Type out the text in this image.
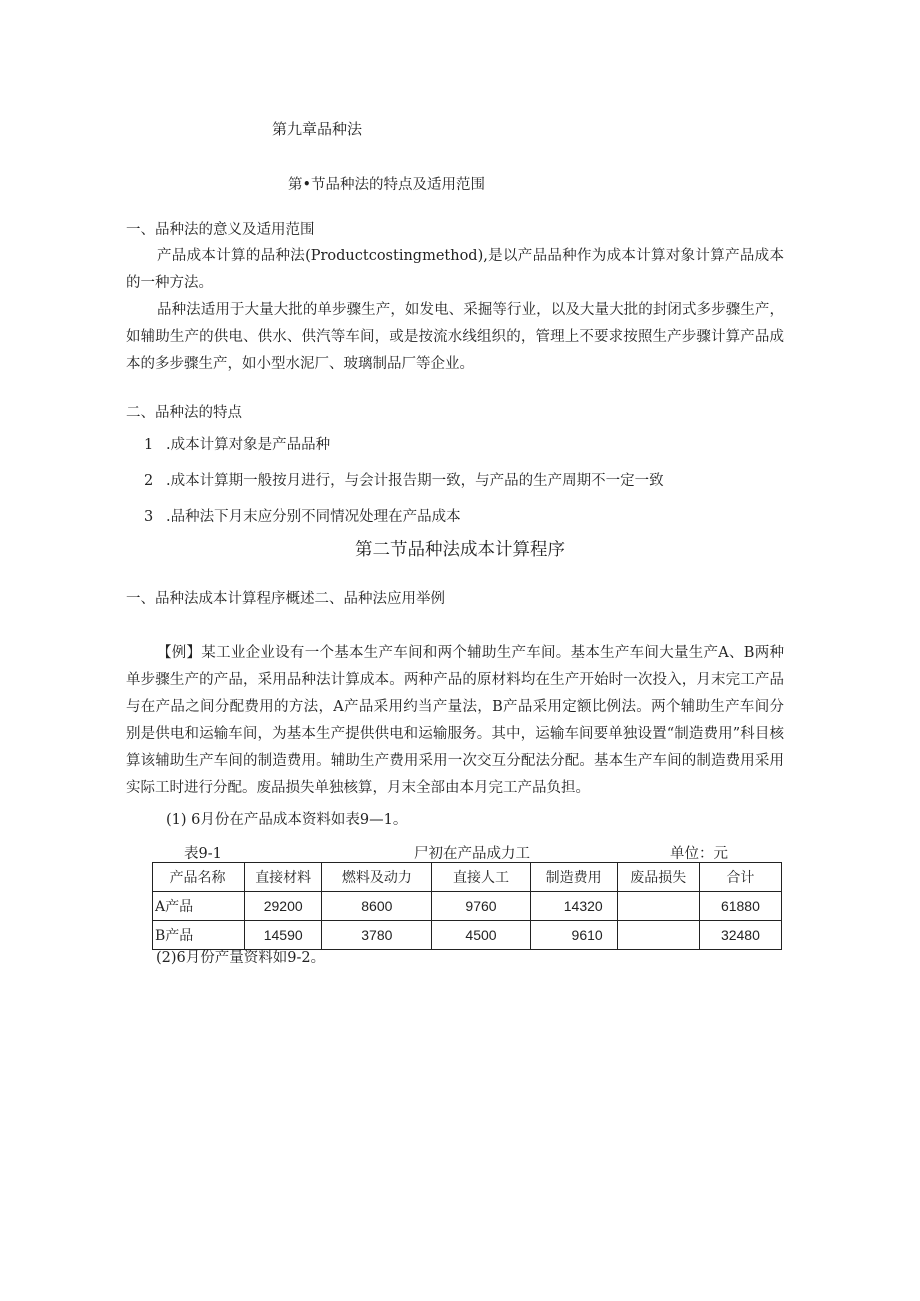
第九章品种法
第•节品种法的特点及适用范围
一、品种法的意义及适用范围

产品成本计算的品种法(Productcostingmethod),是以产品品种作为成本计算对象计算产品成本的一种方法。

品种法适用于大量大批的单步骤生产，如发电、采掘等行业，以及大量大批的封闭式多步骤生产，如辅助生产的供电、供水、供汽等车间，或是按流水线组织的，管理上不要求按照生产步骤计算产品成本的多步骤生产，如小型水泥厂、玻璃制品厂等企业。

二、品种法的特点
1 .成本计算对象是产品品种
2 .成本计算期一般按月进行，与会计报告期一致，与产品的生产周期不一定一致
3 .品种法下月末应分别不同情况处理在产品成本
第二节品种法成本计算程序
一、品种法成本计算程序概述二、品种法应用举例

【例】某工业企业设有一个基本生产车间和两个辅助生产车间。基本生产车间大量生产A、B两种单步骤生产的产品，采用品种法计算成本。两种产品的原材料均在生产开始时一次投入，月末完工产品与在产品之间分配费用的方法，A产品采用约当产量法，B产品采用定额比例法。两个辅助生产车间分别是供电和运输车间，为基本生产提供供电和运输服务。其中，运输车间要单独设置“制造费用”科目核算该辅助生产车间的制造费用。辅助生产费用采用一次交互分配法分配。基本生产车间的制造费用采用实际工时进行分配。废品损失单独核算，月末全部由本月完工产品负担。

(1) 6月份在产品成本资料如表9—1。
表9-1	尸初在产品成力工	单位：元
产品名称	直接材料	燃料及动力	直接人工	制造费用	废品损失	合计
A产品	29200	8600	9760	14320		61880
B产品	14590	3780	4500	9610		32480
(2)6月份产量资料如9-2。
